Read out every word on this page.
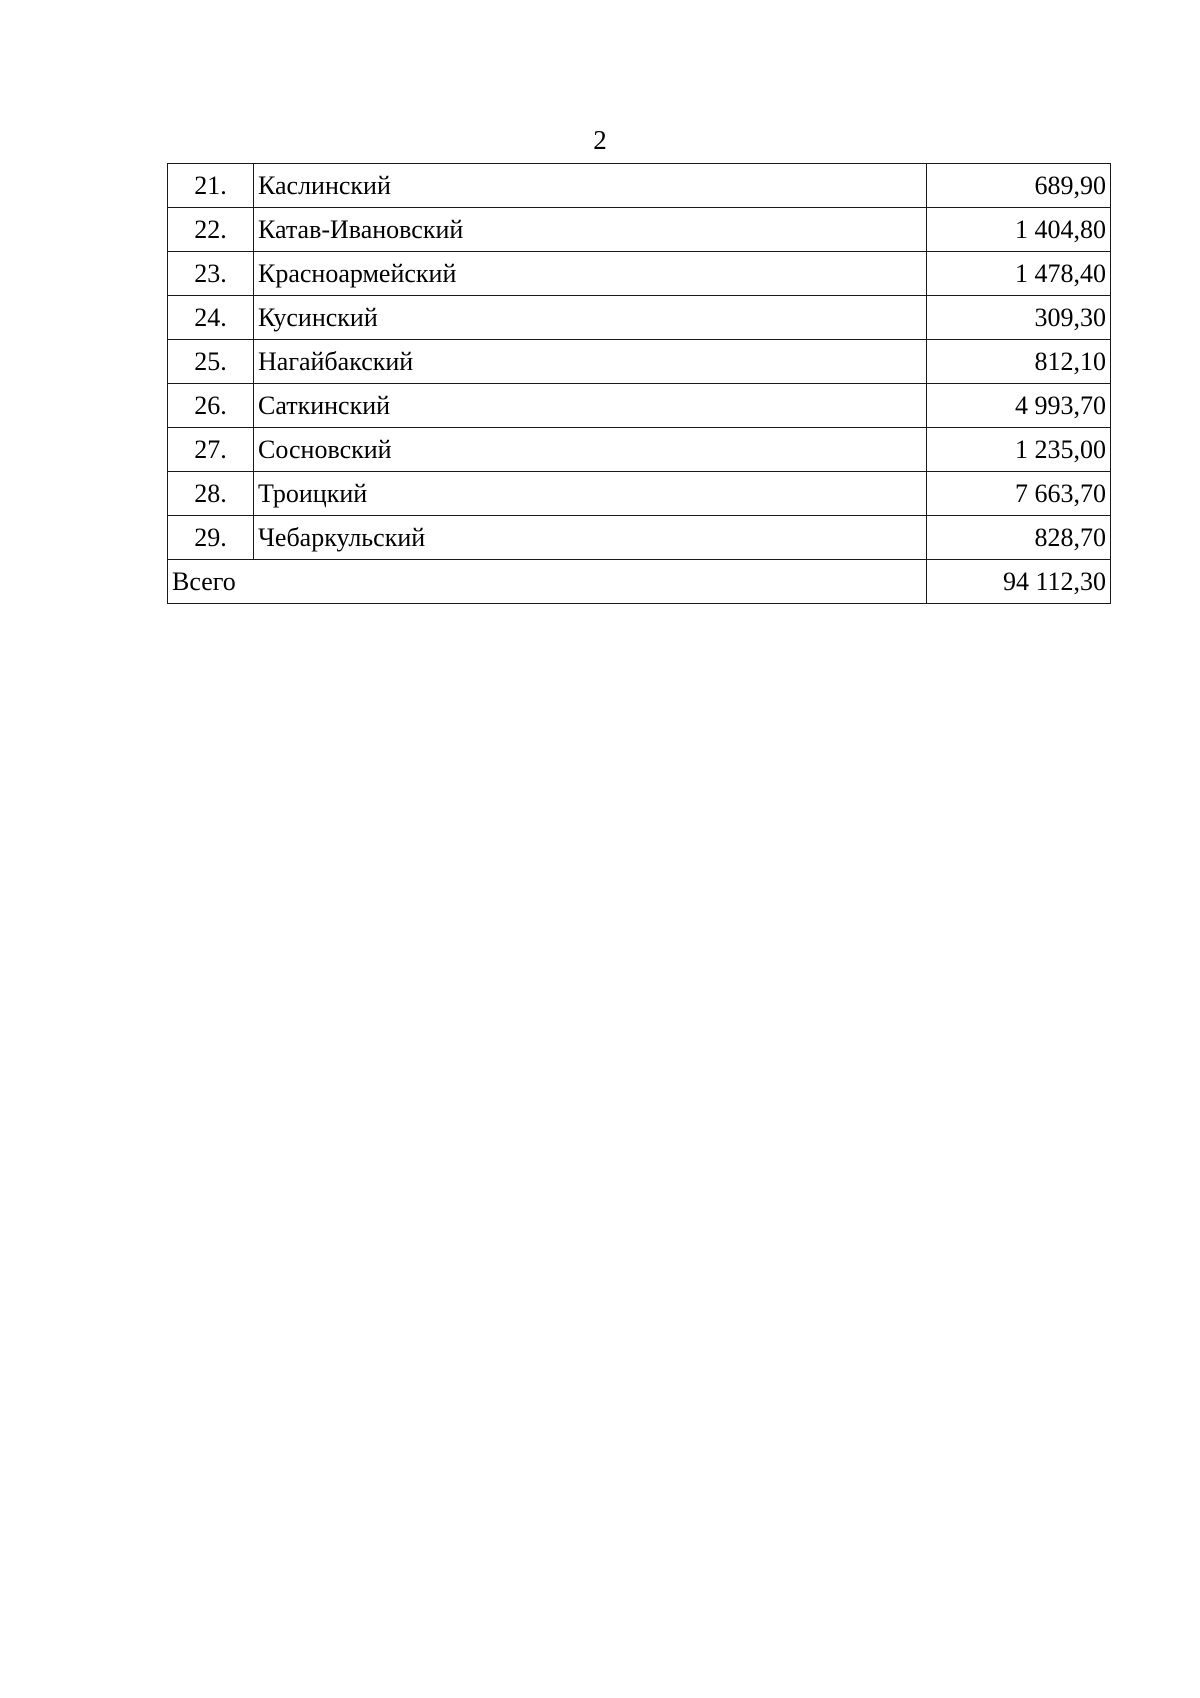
2
21.	Каслинский	689,90
22.	Катав-Ивановский	1 404,80
23.	Красноармейский	1 478,40
24.	Кусинский	309,30
25.	Нагайбакский	812,10
26.	Саткинский	4 993,70
27.	Сосновский	1 235,00
28.	Троицкий	7 663,70
29.	Чебаркульский	828,70
Всего		94 112,30
